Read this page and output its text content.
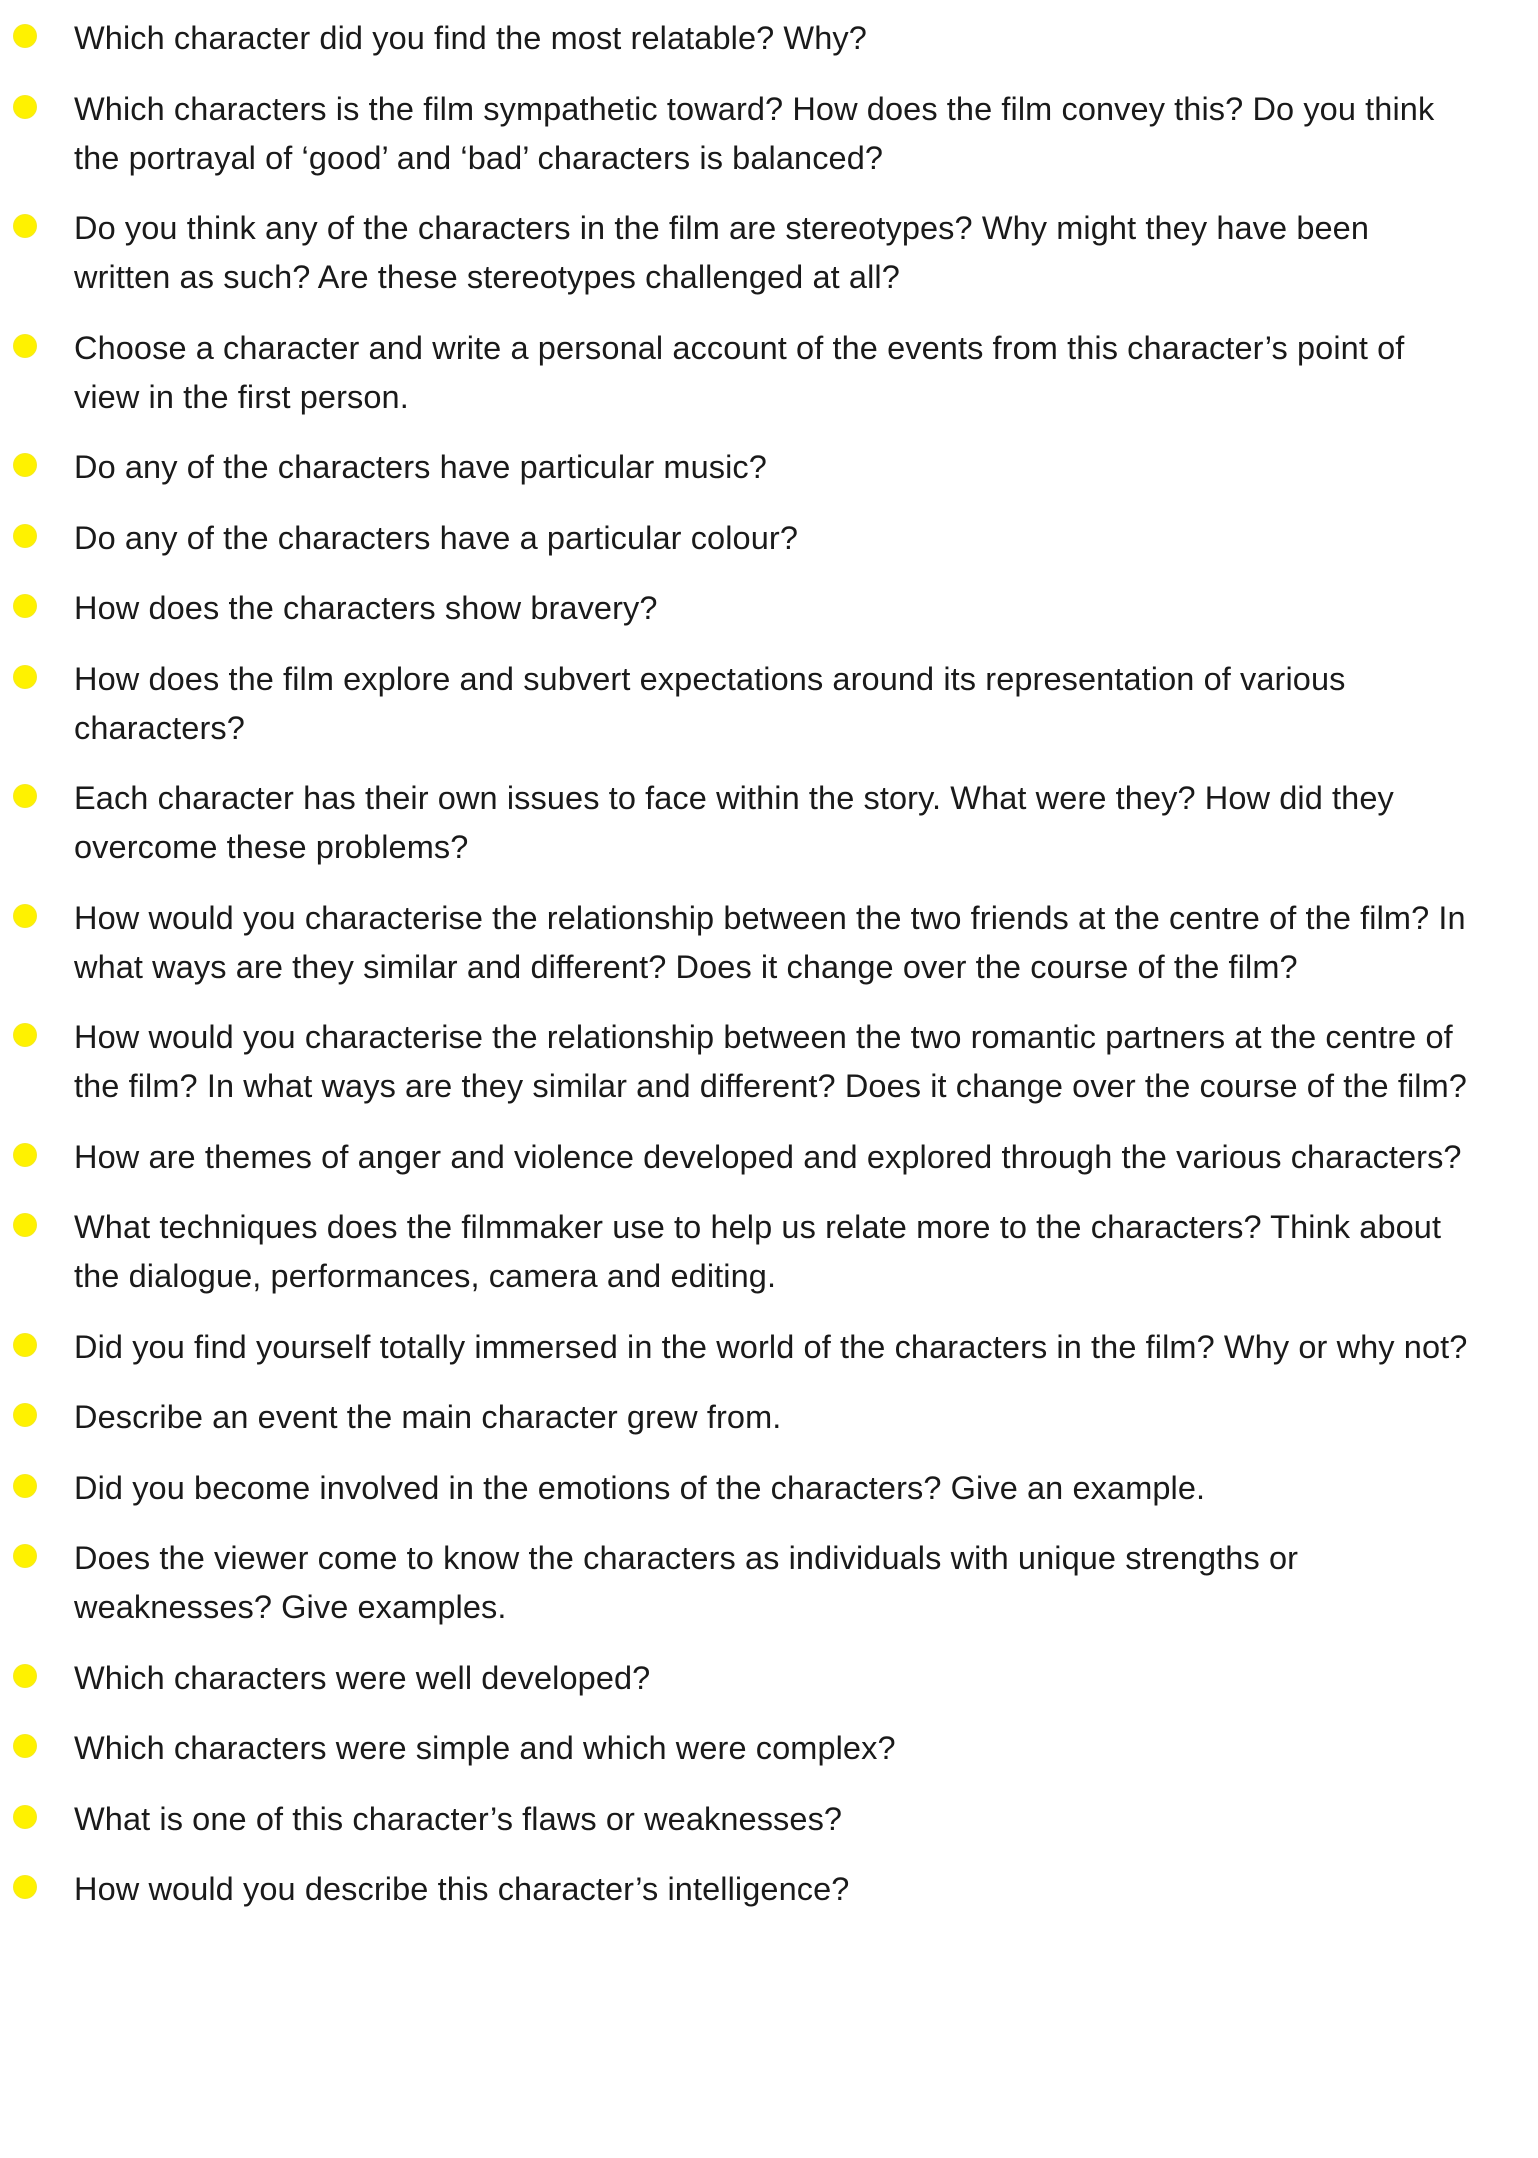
Which character did you find the most relatable? Why?
Which characters is the film sympathetic toward? How does the film convey this? Do you think the portrayal of ‘good’ and ‘bad’ characters is balanced?
Do you think any of the characters in the film are stereotypes? Why might they have been written as such? Are these stereotypes challenged at all?
Choose a character and write a personal account of the events from this character’s point of view in the first person.
Do any of the characters have particular music?
Do any of the characters have a particular colour?
How does the characters show bravery?
How does the film explore and subvert expectations around its representation of various characters?
Each character has their own issues to face within the story. What were they? How did they overcome these problems?
How would you characterise the relationship between the two friends at the centre of the film? In what ways are they similar and different? Does it change over the course of the film?
How would you characterise the relationship between the two romantic partners at the centre of the film? In what ways are they similar and different? Does it change over the course of the film?
How are themes of anger and violence developed and explored through the various characters?
What techniques does the filmmaker use to help us relate more to the characters? Think about the dialogue, performances, camera and editing.
Did you find yourself totally immersed in the world of the characters in the film? Why or why not?
Describe an event the main character grew from.
Did you become involved in the emotions of the characters? Give an example.
Does the viewer come to know the characters as individuals with unique strengths or weaknesses? Give examples.
Which characters were well developed?
Which characters were simple and which were complex?
What is one of this character’s flaws or weaknesses?
How would you describe this character’s intelligence?
